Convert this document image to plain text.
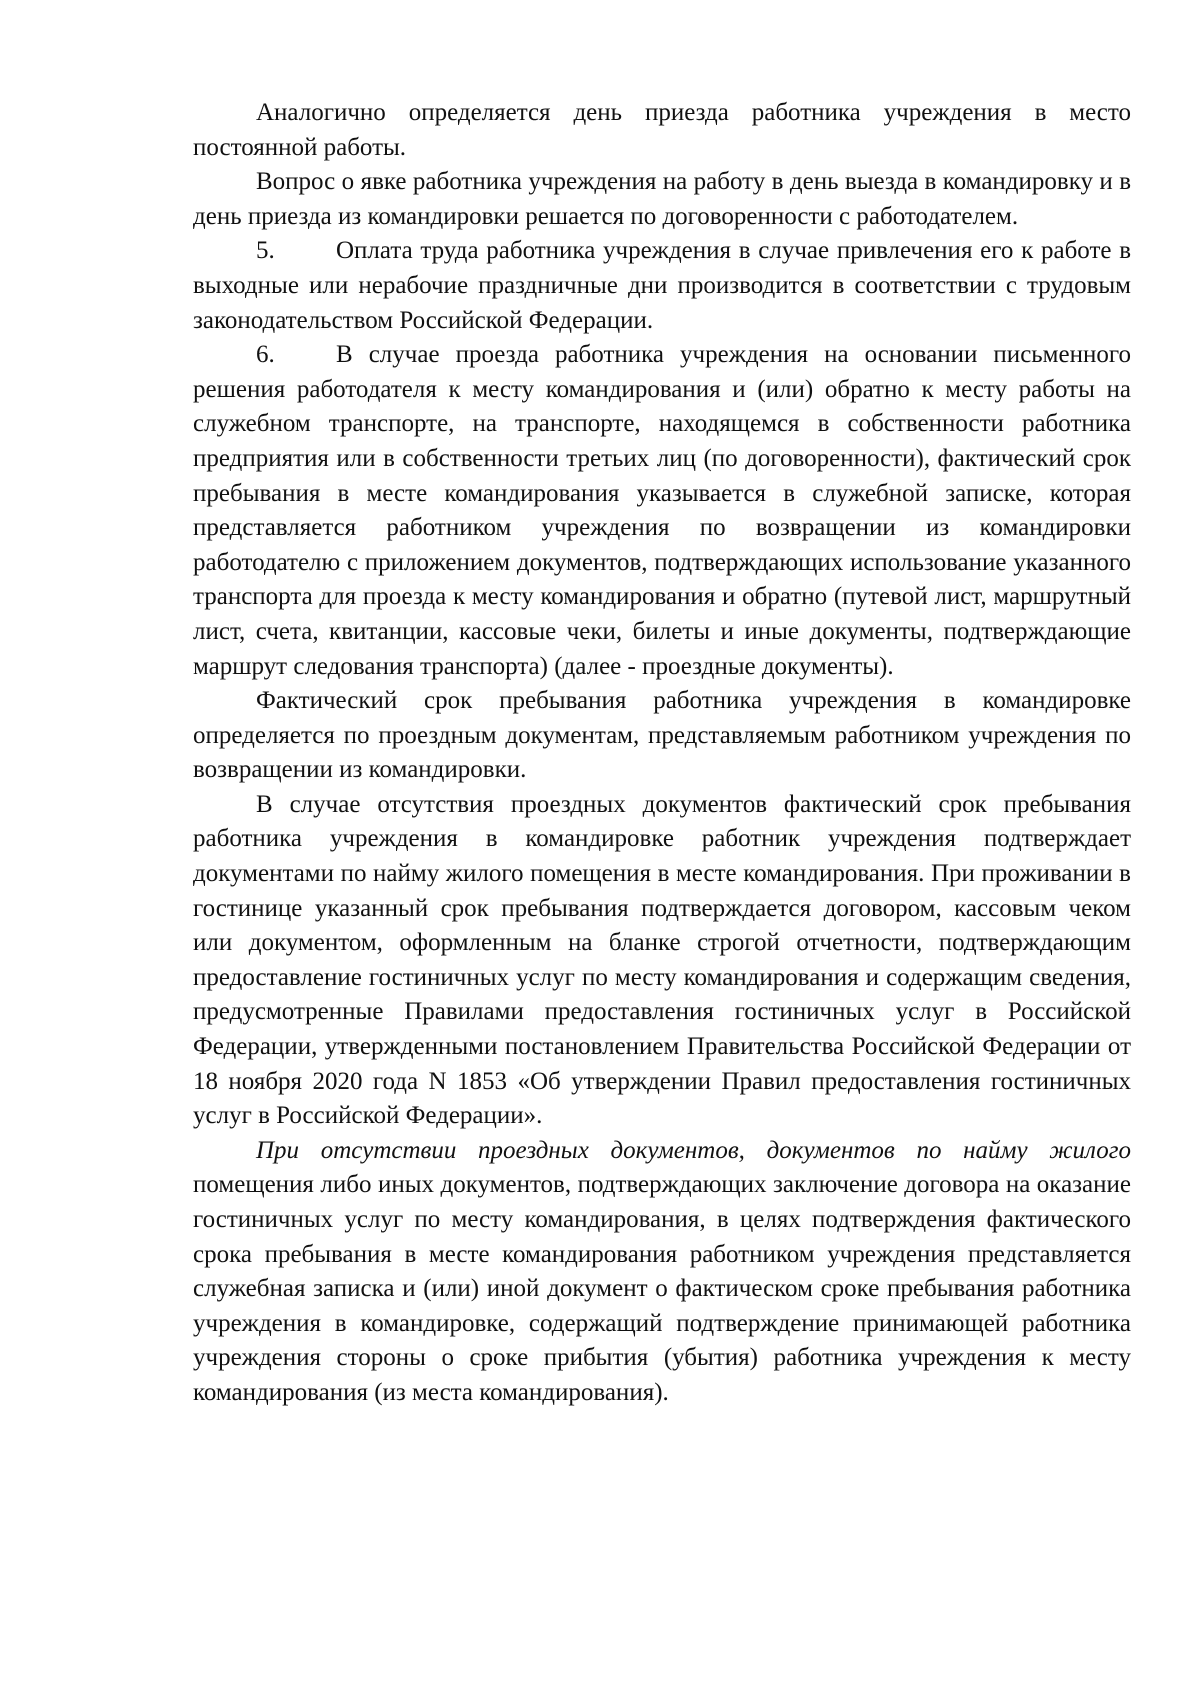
Аналогично определяется день приезда работника учреждения в место постоянной работы.

Вопрос о явке работника учреждения на работу в день выезда в командировку и в день приезда из командировки решается по договоренности с работодателем.

5. Оплата труда работника учреждения в случае привлечения его к работе в выходные или нерабочие праздничные дни производится в соответствии с трудовым законодательством Российской Федерации.

6. В случае проезда работника учреждения на основании письменного решения работодателя к месту командирования и (или) обратно к месту работы на служебном транспорте, на транспорте, находящемся в собственности работника предприятия или в собственности третьих лиц (по договоренности), фактический срок пребывания в месте командирования указывается в служебной записке, которая представляется работником учреждения по возвращении из командировки работодателю с приложением документов, подтверждающих использование указанного транспорта для проезда к месту командирования и обратно (путевой лист, маршрутный лист, счета, квитанции, кассовые чеки, билеты и иные документы, подтверждающие маршрут следования транспорта) (далее - проездные документы).

Фактический срок пребывания работника учреждения в командировке определяется по проездным документам, представляемым работником учреждения по возвращении из командировки.

В случае отсутствия проездных документов фактический срок пребывания работника учреждения в командировке работник учреждения подтверждает документами по найму жилого помещения в месте командирования. При проживании в гостинице указанный срок пребывания подтверждается договором, кассовым чеком или документом, оформленным на бланке строгой отчетности, подтверждающим предоставление гостиничных услуг по месту командирования и содержащим сведения, предусмотренные Правилами предоставления гостиничных услуг в Российской Федерации, утвержденными постановлением Правительства Российской Федерации от 18 ноября 2020 года N 1853 «Об утверждении Правил предоставления гостиничных услуг в Российской Федерации».

При отсутствии проездных документов, документов по найму жилого помещения либо иных документов, подтверждающих заключение договора на оказание гостиничных услуг по месту командирования, в целях подтверждения фактического срока пребывания в месте командирования работником учреждения представляется служебная записка и (или) иной документ о фактическом сроке пребывания работника учреждения в командировке, содержащий подтверждение принимающей работника учреждения стороны о сроке прибытия (убытия) работника учреждения к месту командирования (из места командирования).
